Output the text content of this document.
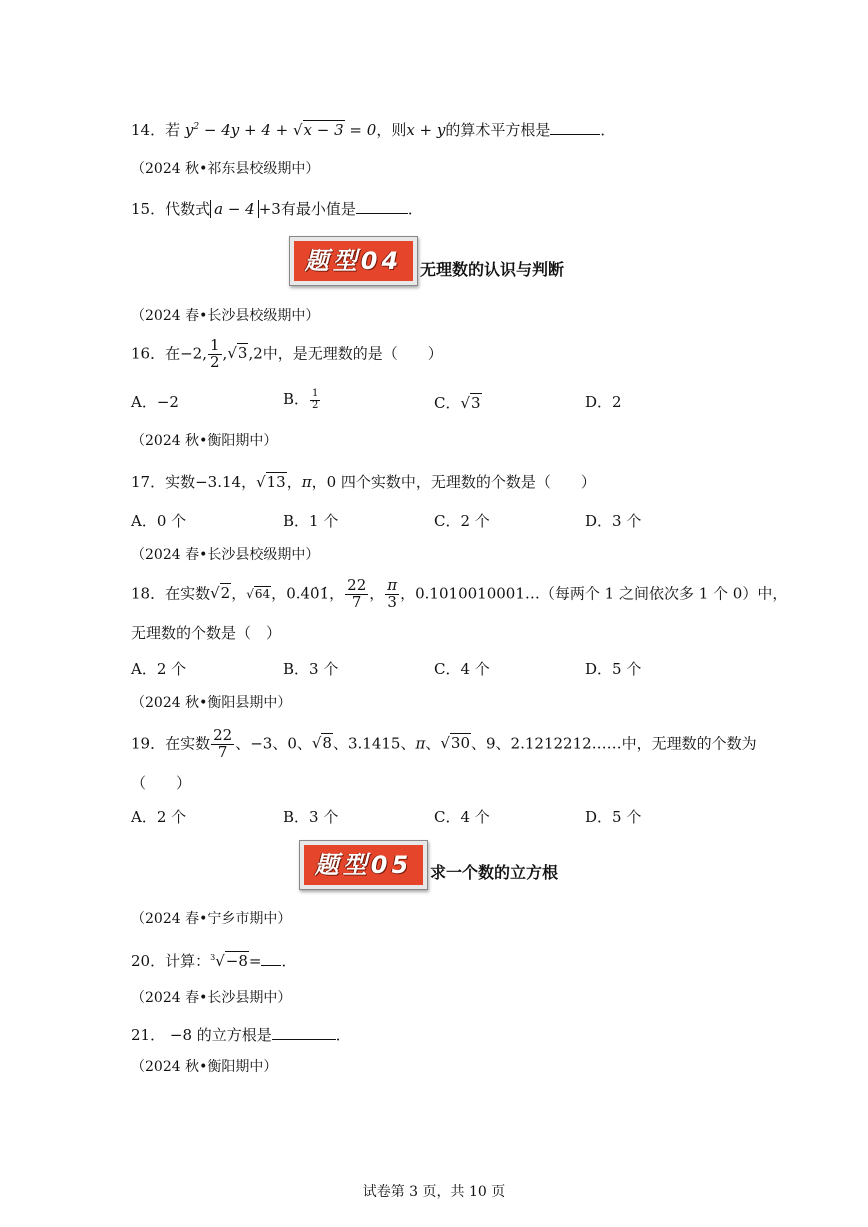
14．若 $y^2 - 4y + 4 + √x - 3 = 0$，则x + y的算术平方根是	．
（2024 秋•祁东县校级期中）
15．代数式 a − 4 +3有最小值是	．
题型04	无理数的认识与判断
（2024 春•长沙县校级期中）
16．在−2, $\frac{1}{2} ,√3,2$中，是无理数的是（　　）
A．−2	B． $\frac{1}{2}$	C．√3	D．2
（2024 秋•衡阳期中）
17．实数−3.14，√13，π，0 四个实数中，无理数的个数是（　　）
A．0 个	B．1 个	C．2 个	D．3 个
（2024 春•长沙县校级期中）
18．在实数√2，√64，0.4̇0̇1̇， $\frac{22}{7}$ ， $\frac{\pi}{3}$ ，0.1010010001…（每两个 1 之间依次多 1 个 0）中，
无理数的个数是（　）
A．2 个	B．3 个	C．4 个	D．5 个
（2024 秋•衡阳县期中）
19．在实数 $\frac{22}{7}$ 、−3、0、√8、3.1415、π、√30、9、2.1212212……中，无理数的个数为
（　　）
A．2 个	B．3 个	C．4 个	D．5 个
题型05	求一个数的立方根
（2024 春•宁乡市期中）
20．计算：$^3$√−8= ．
（2024 春•长沙县期中）
21． −8 的立方根是	．
（2024 秋•衡阳期中）
试卷第 3 页，共 10 页
